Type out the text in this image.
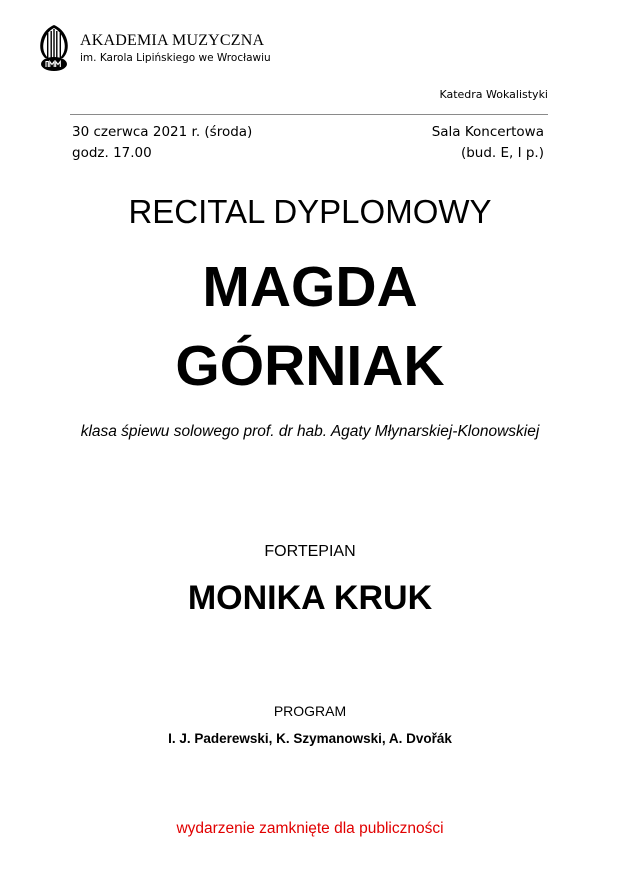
AKADEMIA MUZYCZNA
im. Karola Lipińskiego we Wrocławiu
Katedra Wokalistyki
30 czerwca 2021 r. (środa)
godz. 17.00
Sala Koncertowa
(bud. E, I p.)
RECITAL DYPLOMOWY
MAGDA
GÓRNIAK
klasa śpiewu solowego prof. dr hab. Agaty Młynarskiej-Klonowskiej
FORTEPIAN
MONIKA KRUK
PROGRAM
I. J. Paderewski, K. Szymanowski, A. Dvořák
wydarzenie zamknięte dla publiczności
